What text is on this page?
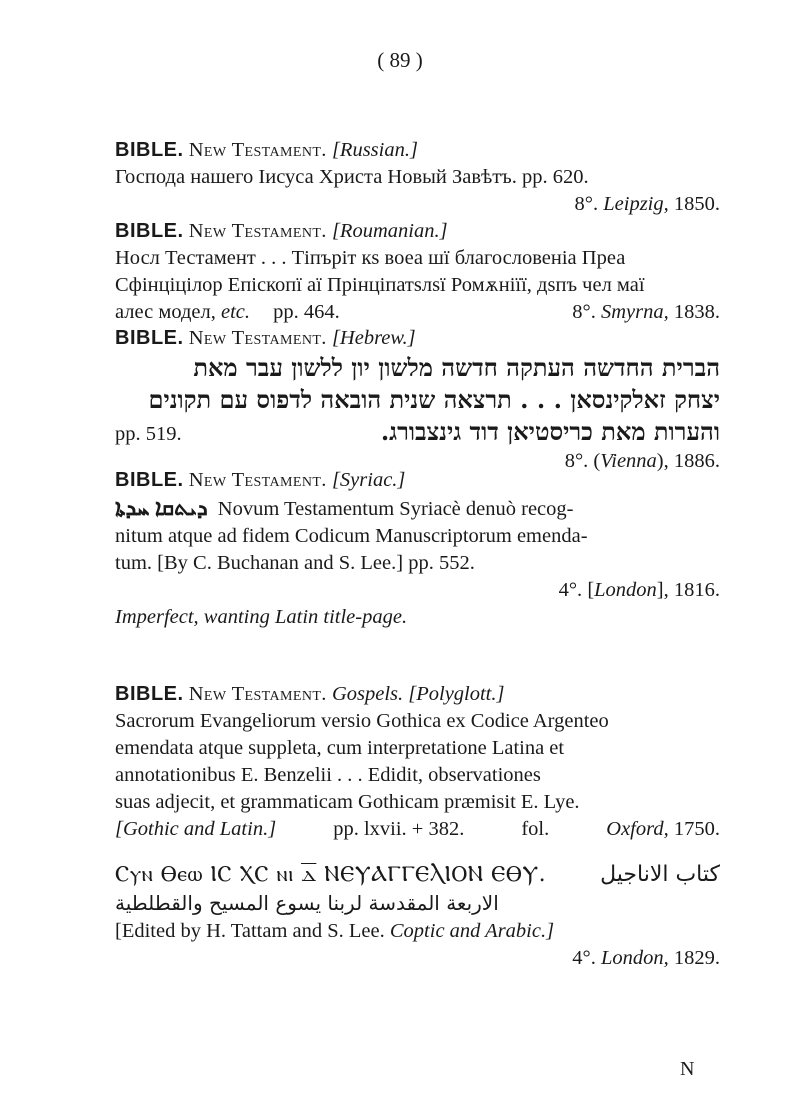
( 89 )

BIBLE. New Testament. [Russian.]

Господа нашего Іисуса Христа Новый Завѣтъ. pp. 620.

8°. Leipzig, 1850.

BIBLE. New Testament. [Roumanian.]

Носл Тестамент . . . Тіпъріт кѕ воеа шї благословеніа Преа

Сфінціцілор Епіскопї аї Прінціпатѕлѕї Ромѫніїї, дѕпъ чел маї

алес модел, etc. pp. 464.	8°. Smyrna, 1838.

BIBLE. New Testament. [Hebrew.]

הברית החדשה העתקה חדשה מלשון יון ללשון עבר מאת

יצחק זאלקינסאן . . . תרצאה שנית הובאה לדפוס עם תקונים

pp. 519.	והערות מאת כריסטיאן דוד גינצבורג.

8°. (Vienna), 1886.

BIBLE. New Testament. [Syriac.]

ܕܝܬܩܐ ܚܕܬܐ Novum Testamentum Syriacè denuò recog-

nitum atque ad fidem Codicum Manuscriptorum emenda-

tum. [By C. Buchanan and S. Lee.] pp. 552.

4°. [London], 1816.

Imperfect, wanting Latin title-page.

BIBLE. New Testament. Gospels. [Polyglott.]

Sacrorum Evangeliorum versio Gothica ex Codice Argenteo

emendata atque suppleta, cum interpretatione Latina et

annotationibus E. Benzelii . . . Edidit, observationes

suas adjecit, et grammaticam Gothicam præmisit E. Lye.

[Gothic and Latin.]	pp. lxvii. + 382.	fol.	Oxford, 1750.

Ⲥⲩⲛ Ⲑⲉⲱ ⲒⲤ ⲬⲤ ⲛⲓ ⲇ̅ ⲚⲈⲨⲀⲄⲄⲈⲖⲒⲞⲚ ⲈⲐⲨ. كتاب الاناجيل

الاربعة المقدسة لربنا يسوع المسيح والقطلطية

[Edited by H. Tattam and S. Lee. Coptic and Arabic.]

4°. London, 1829.

N
